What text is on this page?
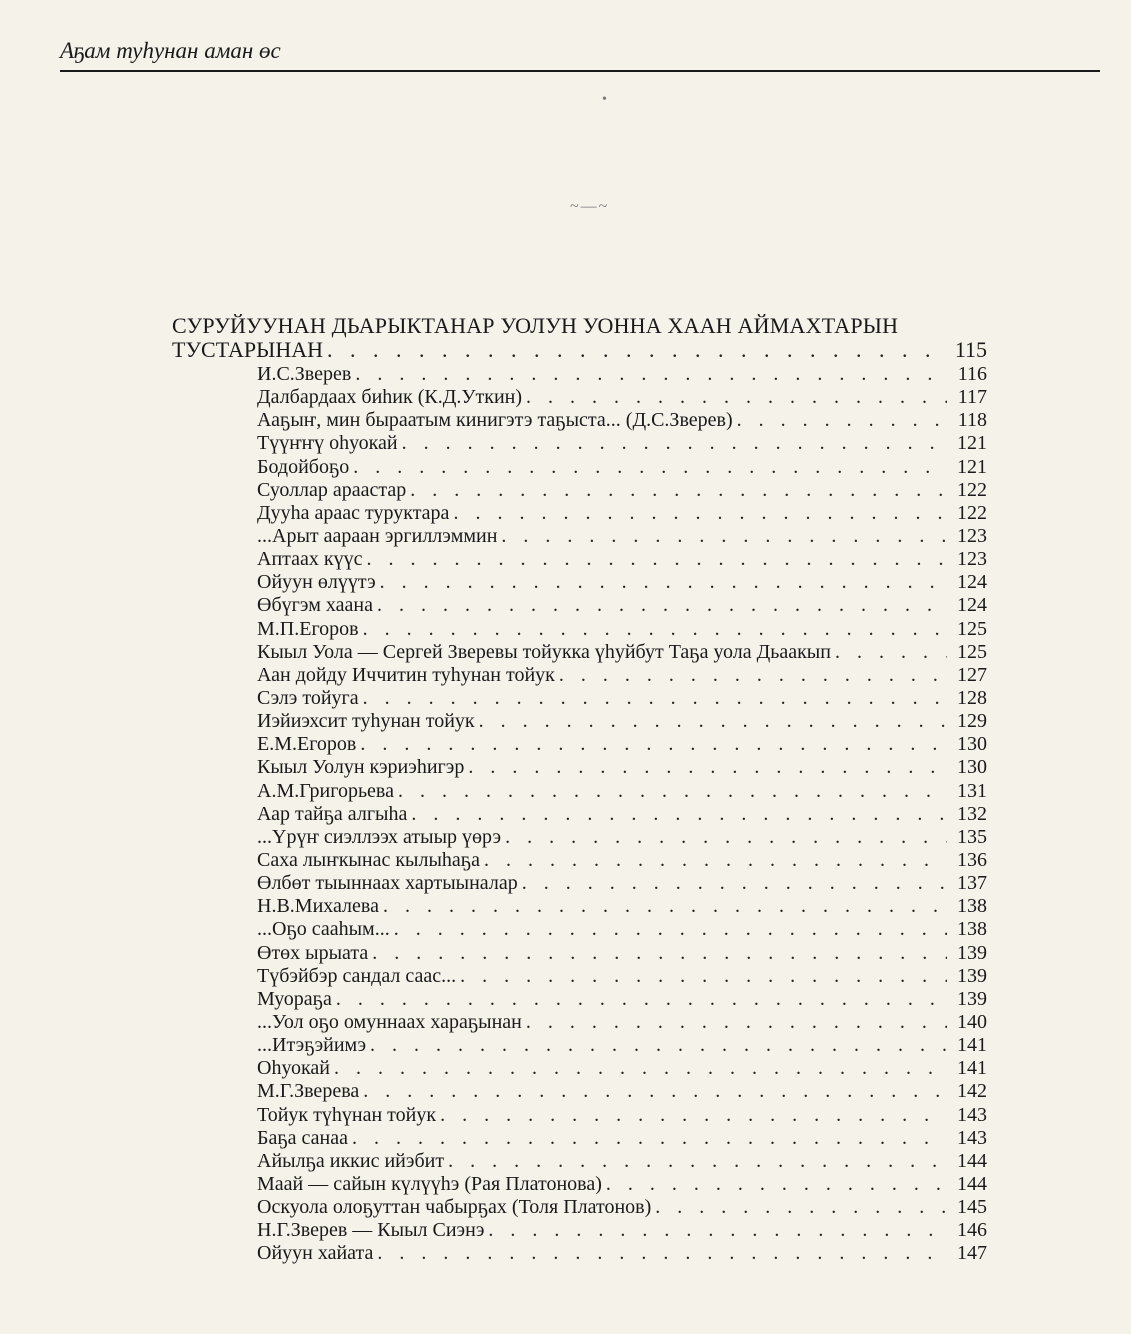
Аҕам туһунан аман өс
•
~—~
СУРУЙУУНАН ДЬАРЫКТАНАР УОЛУН УОННА ХААН АЙМАХТАРЫН
ТУСТАРЫНАН . . .	115
И.С.Зверев . . .	116
Далбардаах биһик (К.Д.Уткин) . . .	117
Ааҕыҥ, мин быраатым кинигэтэ таҕыста... (Д.С.Зверев) . . .	118
Түүҥҥү оһуокай . . .	121
Бодойбоҕо . . .	121
Суоллар арааcтар . . .	122
Дууһа араас туруктара . . .	122
...Арыт аараан эргиллэммин . . .	123
Аптаах күүс . . .	123
Ойуун өлүүтэ . . .	124
Өбүгэм хаана . . .	124
М.П.Егоров . . .	125
Кыыл Уола — Сергей Зверевы тойукка үһуйбут Таҕа уола Дьаакып . . .	125
Аан дойду Иччитин туһунан тойук . . .	127
Сэлэ тойуга . . .	128
Иэйиэхсит туһунан тойук . . .	129
Е.М.Егоров . . .	130
Кыыл Уолун кэриэһигэр . . .	130
А.М.Григорьева . . .	131
Аар тайҕа алгыһа . . .	132
...Үрүҥ сиэллээх атыыр үөрэ . . .	135
Саха лыҥкынас кылыһаҕа . . .	136
Өлбөт тыыннаах хартыыналар . . .	137
Н.В.Михалева . . .	138
...Оҕо сааһым... . . .	138
Өтөх ырыата . . .	139
Түбэйбэр сандал саас... . . .	139
Муораҕа . . .	139
...Уол оҕо омуннаах хараҕынан . . .	140
...Итэҕэйимэ . . .	141
Оһуокай . . .	141
М.Г.Зверева . . .	142
Тойук түһүнан тойук . . .	143
Баҕа санаа . . .	143
Айылҕа иккис ийэбит . . .	144
Маай — сайын күлүүһэ (Рая Платонова) . . .	144
Оскуола олоҕуттан чабырҕах (Толя Платонов) . . .	145
Н.Г.Зверев — Кыыл Сиэнэ . . .	146
Ойуун хайата . . .	147
